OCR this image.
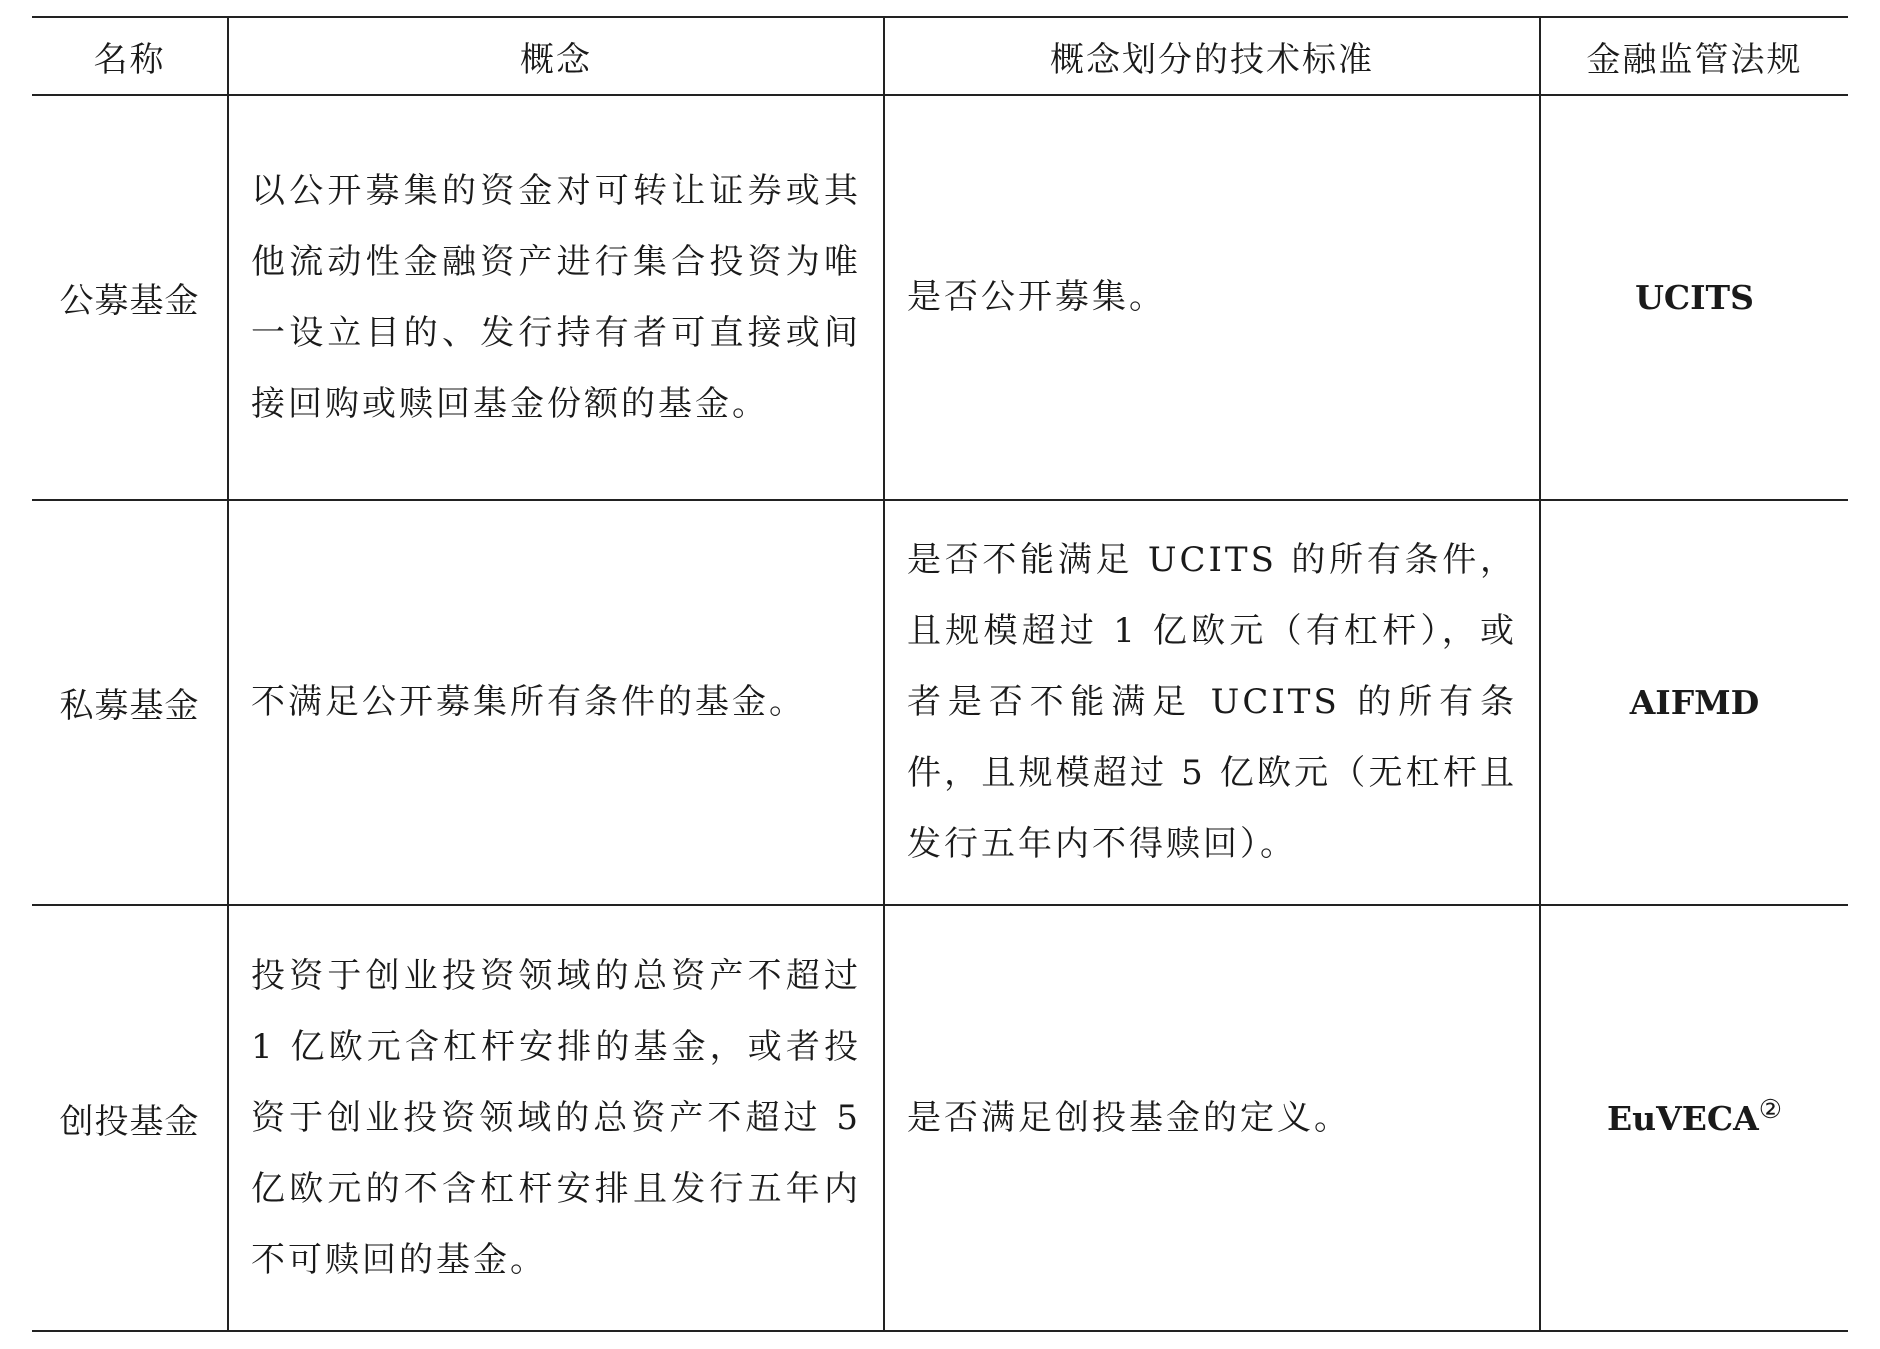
名称	概念	概念划分的技术标准	金融监管法规
公募基金	以公开募集的资金对可转让证券或其他流动性金融资产进行集合投资为唯一设立目的、发行持有者可直接或间接回购或赎回基金份额的基金。	是否公开募集。	UCITS
私募基金	不满足公开募集所有条件的基金。	是否不能满足 UCITS 的所有条件，且规模超过 1 亿欧元（有杠杆），或者是否不能满足 UCITS 的所有条件，且规模超过 5 亿欧元（无杠杆且发行五年内不得赎回）。	AIFMD
创投基金	投资于创业投资领域的总资产不超过 1 亿欧元含杠杆安排的基金，或者投资于创业投资领域的总资产不超过 5 亿欧元的不含杠杆安排且发行五年内不可赎回的基金。	是否满足创投基金的定义。	EuVECA②
